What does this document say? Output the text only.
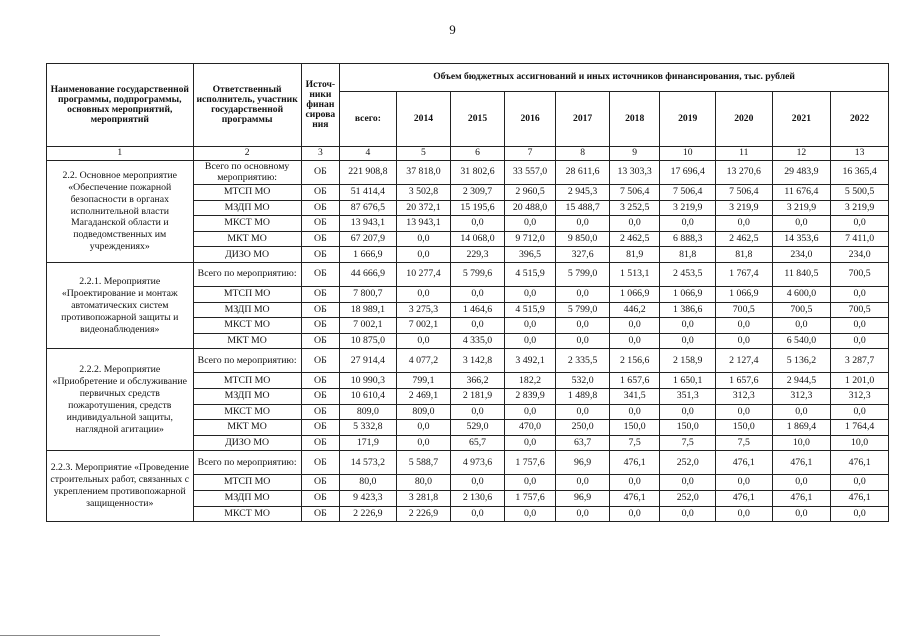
9
Наименование государственной программы, подпрограммы, основных мероприятий, мероприятий	Ответственный исполнитель, участник государственной программы	Источ-ники финан сирова ния	Объем бюджетных ассигнований и иных источников финансирования, тыс. рублей									
			всего:	2014	2015	2016	2017	2018	2019	2020	2021	2022
1	2	3	4	5	6	7	8	9	10	11	12	13
2.2. Основное мероприятие «Обеспечение пожарной безопасности в органах исполнительной власти Магаданской области и подведомственных им учреждениях»	Всего по основному мероприятию:	ОБ	221 908,8	37 818,0	31 802,6	33 557,0	28 611,6	13 303,3	17 696,4	13 270,6	29 483,9	16 365,4
	МТСП МО	ОБ	51 414,4	3 502,8	2 309,7	2 960,5	2 945,3	7 506,4	7 506,4	7 506,4	11 676,4	5 500,5
	МЗДП МО	ОБ	87 676,5	20 372,1	15 195,6	20 488,0	15 488,7	3 252,5	3 219,9	3 219,9	3 219,9	3 219,9
	МКСТ МО	ОБ	13 943,1	13 943,1	0,0	0,0	0,0	0,0	0,0	0,0	0,0	0,0
	МКТ МО	ОБ	67 207,9	0,0	14 068,0	9 712,0	9 850,0	2 462,5	6 888,3	2 462,5	14 353,6	7 411,0
	ДИЗО МО	ОБ	1 666,9	0,0	229,3	396,5	327,6	81,9	81,8	81,8	234,0	234,0
2.2.1. Мероприятие «Проектирование и монтаж автоматических систем противопожарной защиты и видеонаблюдения»	Всего по мероприятию:	ОБ	44 666,9	10 277,4	5 799,6	4 515,9	5 799,0	1 513,1	2 453,5	1 767,4	11 840,5	700,5
	МТСП МО	ОБ	7 800,7	0,0	0,0	0,0	0,0	1 066,9	1 066,9	1 066,9	4 600,0	0,0
	МЗДП МО	ОБ	18 989,1	3 275,3	1 464,6	4 515,9	5 799,0	446,2	1 386,6	700,5	700,5	700,5
	МКСТ МО	ОБ	7 002,1	7 002,1	0,0	0,0	0,0	0,0	0,0	0,0	0,0	0,0
	МКТ МО	ОБ	10 875,0	0,0	4 335,0	0,0	0,0	0,0	0,0	0,0	6 540,0	0,0
2.2.2. Мероприятие «Приобретение и обслуживание первичных средств пожаротушения, средств индивидуальной защиты, наглядной агитации»	Всего по мероприятию:	ОБ	27 914,4	4 077,2	3 142,8	3 492,1	2 335,5	2 156,6	2 158,9	2 127,4	5 136,2	3 287,7
	МТСП МО	ОБ	10 990,3	799,1	366,2	182,2	532,0	1 657,6	1 650,1	1 657,6	2 944,5	1 201,0
	МЗДП МО	ОБ	10 610,4	2 469,1	2 181,9	2 839,9	1 489,8	341,5	351,3	312,3	312,3	312,3
	МКСТ МО	ОБ	809,0	809,0	0,0	0,0	0,0	0,0	0,0	0,0	0,0	0,0
	МКТ МО	ОБ	5 332,8	0,0	529,0	470,0	250,0	150,0	150,0	150,0	1 869,4	1 764,4
	ДИЗО МО	ОБ	171,9	0,0	65,7	0,0	63,7	7,5	7,5	7,5	10,0	10,0
2.2.3. Мероприятие «Проведение строительных работ, связанных с укреплением противопожарной защищенности»	Всего по мероприятию:	ОБ	14 573,2	5 588,7	4 973,6	1 757,6	96,9	476,1	252,0	476,1	476,1	476,1
	МТСП МО	ОБ	80,0	80,0	0,0	0,0	0,0	0,0	0,0	0,0	0,0	0,0
	МЗДП МО	ОБ	9 423,3	3 281,8	2 130,6	1 757,6	96,9	476,1	252,0	476,1	476,1	476,1
	МКСТ МО	ОБ	2 226,9	2 226,9	0,0	0,0	0,0	0,0	0,0	0,0	0,0	0,0
